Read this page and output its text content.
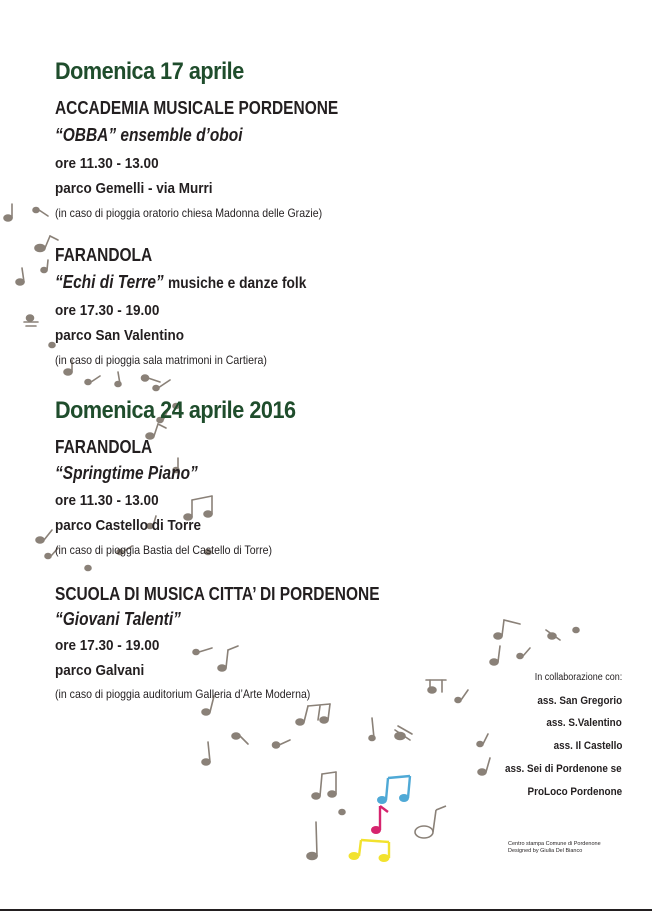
Domenica 17 aprile

ACCADEMIA MUSICALE PORDENONE

“OBBA” ensemble d’oboi

ore 11.30 - 13.00

parco Gemelli - via Murri

(in caso di pioggia oratorio chiesa Madonna delle Grazie)

FARANDOLA

“Echi di Terre” musiche e danze folk

ore 17.30 - 19.00

parco San Valentino

(in caso di pioggia sala matrimoni in Cartiera)

Domenica 24 aprile 2016

FARANDOLA

“Springtime Piano”

ore 11.30 - 13.00

parco Castello di Torre

(in caso di pioggia Bastia del Castello di Torre)

SCUOLA DI MUSICA CITTA’ DI PORDENONE

“Giovani Talenti”

ore 17.30 - 19.00

parco Galvani

(in caso di pioggia auditorium Galleria d’Arte Moderna)

In collaborazione con:

ass. San Gregorio

ass. S.Valentino

ass. Il Castello

ass. Sei di Pordenone se

ProLoco Pordenone

Centro stampa Comune di Pordenone

Designed by Giulia Del Bianco
